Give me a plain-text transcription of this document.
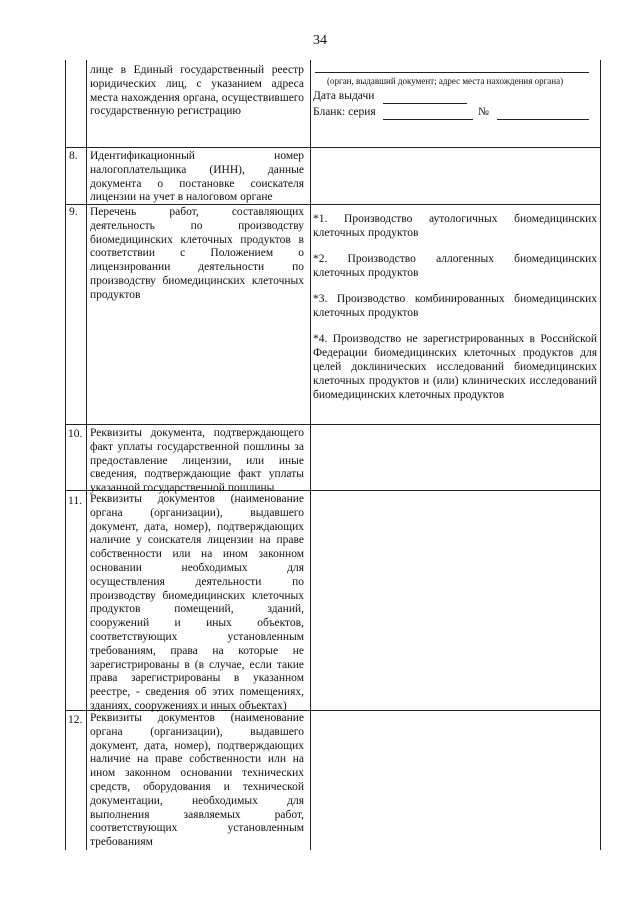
34
лице в Единый государственный реестр юридических лиц, с указанием адреса места нахождения органа, осуществившего государственную регистрацию
(орган, выдавший документ; адрес места нахождения органа)
Дата выдачи
Бланк: серия	№
8. Идентификационный номер налогоплательщика (ИНН), данные документа о постановке соискателя лицензии на учет в налоговом органе
9. Перечень работ, составляющих деятельность по производству биомедицинских клеточных продуктов в соответствии с Положением о лицензировании деятельности по производству биомедицинских клеточных продуктов

*1. Производство аутологичных биомедицинских клеточных продуктов

*2. Производство аллогенных биомедицинских клеточных продуктов

*3. Производство комбинированных биомедицинских клеточных продуктов

*4. Производство не зарегистрированных в Российской Федерации биомедицинских клеточных продуктов для целей доклинических исследований биомедицинских клеточных продуктов и (или) клинических исследований биомедицинских клеточных продуктов

10. Реквизиты документа, подтверждающего факт уплаты государственной пошлины за предоставление лицензии, или иные сведения, подтверждающие факт уплаты указанной государственной пошлины
11. Реквизиты документов (наименование органа (организации), выдавшего документ, дата, номер), подтверждающих наличие у соискателя лицензии на праве собственности или на ином законном основании необходимых для осуществления деятельности по производству биомедицинских клеточных продуктов помещений, зданий, сооружений и иных объектов, соответствующих установленным требованиям, права на которые не зарегистрированы в (в случае, если такие права зарегистрированы в указанном реестре, - сведения об этих помещениях, зданиях, сооружениях и иных объектах)
12. Реквизиты документов (наименование органа (организации), выдавшего документ, дата, номер), подтверждающих наличие на праве собственности или на ином законном основании технических средств, оборудования и технической документации, необходимых для выполнения заявляемых работ, соответствующих установленным требованиям
